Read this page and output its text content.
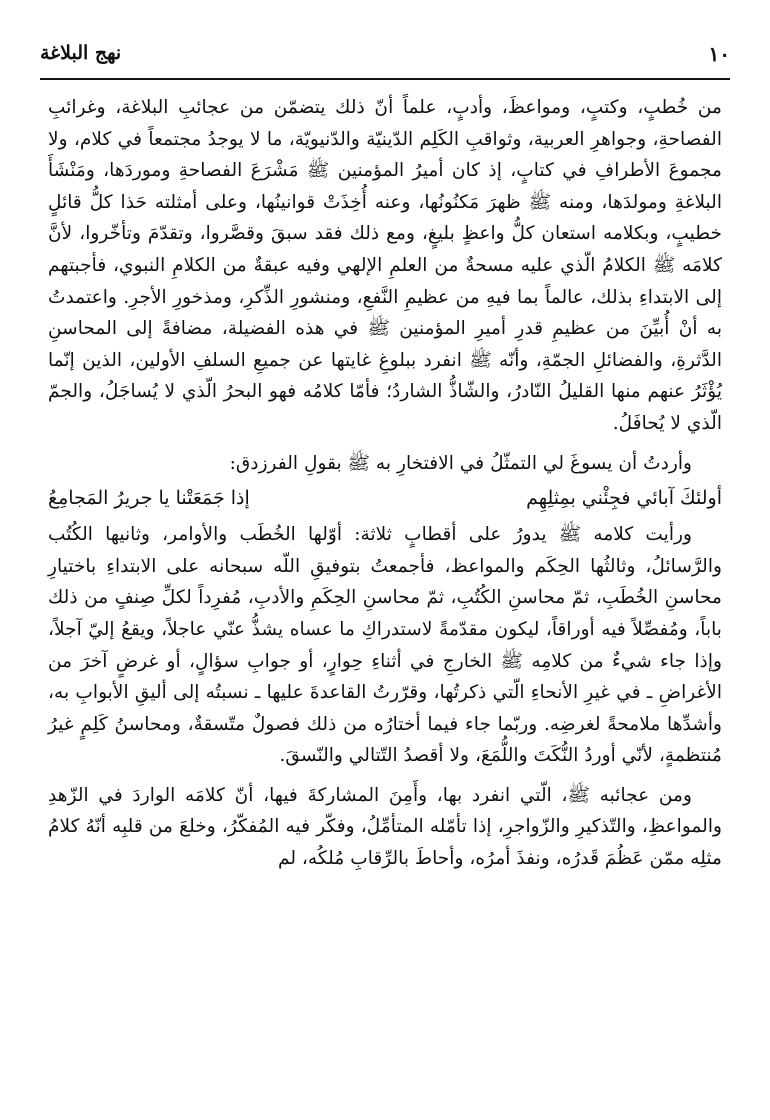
١٠
نهج البلاغة

من خُطبٍ، وكتبٍ، ومواعظَ، وأدبٍ، علماً أنّ ذلك يتضمّن من عجائبِ البلاغة، وغرائبِ الفصاحةِ، وجواهرِ العربية، وثواقبِ الكَلِم الدّينيّة والدّنيويّة، ما لا يوجدُ مجتمعاً في كلام، ولا مجموعَ الأطرافِ في كتابٍ، إذ كان أميرُ المؤمنين ﷺ مَشْرَعَ الفصاحةِ وموردَها، ومَنْشَأَ البلاغةِ ومولدَها، ومنه ﷺ ظهرَ مَكنُونُها، وعنه أُخِذَتْ قوانينُها، وعلى أمثلته حَذا كلُّ قائلٍ خطيبٍ، وبكلامه استعان كلُّ واعظٍ بليغٍ، ومع ذلك فقد سبقَ وقصَّروا، وتقدّمَ وتأخّروا، لأنَّ كلامَه ﷺ الكلامُ الّذي عليه مسحةٌ من العلمِ الإلهي وفيه عبقةٌ من الكلامِ النبوي، فأجبتهم إلى الابتداءِ بذلك، عالماً بما فيهِ من عظيمِ النَّفعِ، ومنشورِ الذِّكرِ، ومذخورِ الأجرِ. واعتمدتُ به أنْ أُبيِّنَ من عظيمِ قدرِ أميرِ المؤمنين ﷺ في هذه الفضيلة، مضافةً إلى المحاسنِ الدَّثرةِ، والفضائلِ الجمّةِ، وأنّه ﷺ انفرد ببلوغِ غايتها عن جميعِ السلفِ الأولين، الذين إنّما يُؤْثَرُ عنهم منها القليلُ النّادرُ، والشّاذُّ الشاردُ؛ فأمّا كلامُه فهو البحرُ الّذي لا يُساجَلُ، والجمّ الّذي لا يُحافَلُ.

وأردتُ أن يسوغَ لي التمثّلُ في الافتخارِ به ﷺ بقولِ الفرزدق:

أولئكَ آبائي فجِئْني بمِثلِهِم
إذا جَمَعَتْنا يا جريرُ المَجامِعُ

ورأيت كلامه ﷺ يدورُ على أقطابٍ ثلاثة: أوّلها الخُطَب والأوامر، وثانيها الكُتُب والرَّسائلُ، وثالثُها الحِكَم والمواعظ، فأجمعتُ بتوفيقِ اللّه سبحانه على الابتداءِ باختيارِ محاسنِ الخُطَبِ، ثمّ محاسنِ الكُتُبِ، ثمّ محاسنِ الحِكَمِ والأدبِ، مُفرِداً لكلِّ صِنفٍ من ذلك باباً، ومُفصِّلاً فيه أوراقاً، ليكون مقدّمةً لاستدراكِ ما عساه يشذُّ عنّي عاجلاً، ويقعُ إليّ آجلاً، وإذا جاء شيءٌ من كلامِه ﷺ الخارجِ في أثناءِ حِوارٍ، أو جوابِ سؤالٍ، أو غرضٍ آخرَ من الأغراضِ ـ في غيرِ الأنحاءِ الّتي ذكرتُها، وقرّرتُ القاعدةَ عليها ـ نسبتُه إلى أليقِ الأبوابِ به، وأشدِّها ملامحةً لغرضِه. وربّما جاء فيما أختارُه من ذلك فصولٌ متّسقةٌ، ومحاسنُ كَلِمٍ غيرُ مُنتظمةٍ، لأنّي أوردُ النُّكَتَ واللُّمَعَ، ولا أقصدُ التّتالي والنّسقَ.

ومن عجائبه ﷺ، الّتي انفرد بها، وأَمِنَ المشاركةَ فيها، أنّ كلامَه الواردَ في الزّهدِ والمواعظِ، والتّذكيرِ والزّواجرِ، إذا تأمّله المتأمِّلُ، وفكّر فيه المُفكّرُ، وخلعَ من قلبِه أنّهُ كلامُ مثلِه ممّن عَظُمَ قَدرُه، ونفذَ أمرُه، وأحاطَ بالرِّقابِ مُلكُه، لم
